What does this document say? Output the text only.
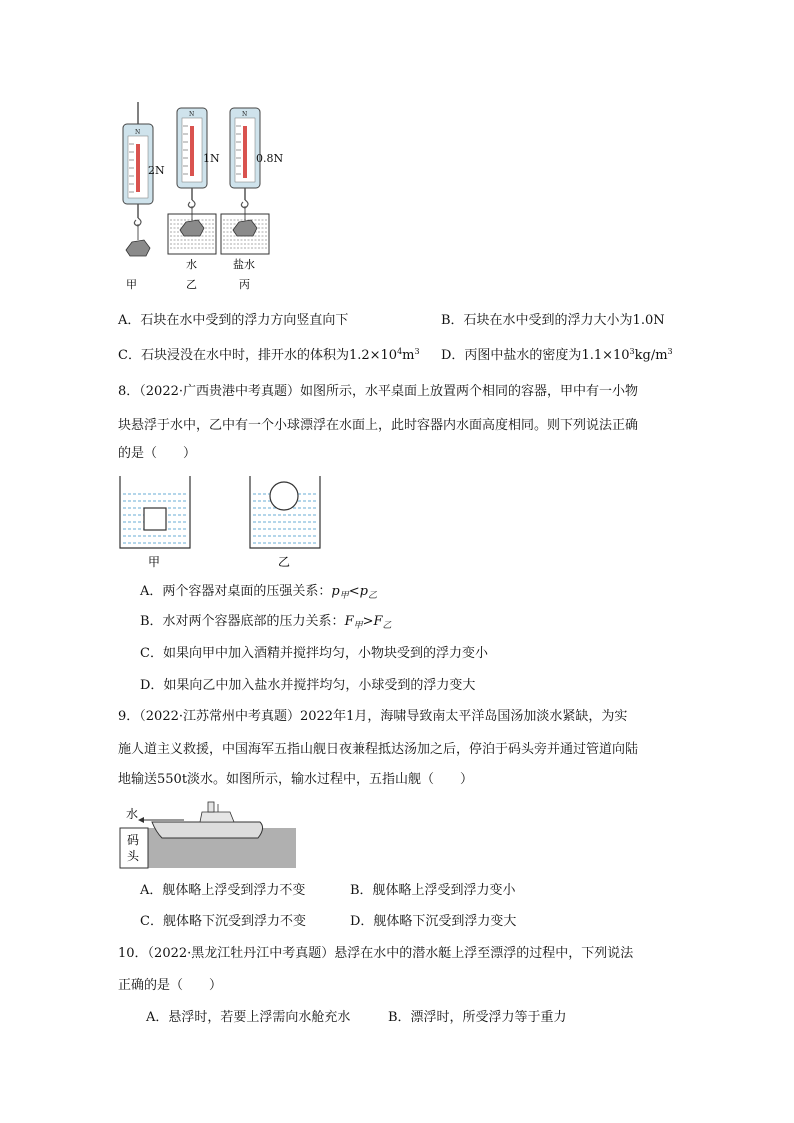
N
2N
N
1N
N
0.8N
水	盐水
甲	乙	丙
A．石块在水中受到的浮力方向竖直向下	B．石块在水中受到的浮力大小为1.0N
C．石块浸没在水中时，排开水的体积为$1.2\times 10^4m^3$ D．丙图中盐水的密度为$1.1\times 10^3kg/m^3$
8．（2022·广西贵港中考真题）如图所示，水平桌面上放置两个相同的容器，甲中有一小物
块悬浮于水中，乙中有一个小球漂浮在水面上，此时容器内水面高度相同。则下列说法正确
的是（　　）
甲	乙
A．两个容器对桌面的压强关系：$p_甲<p_乙$
B．水对两个容器底部的压力关系：$F_甲>F_乙$
C．如果向甲中加入酒精并搅拌均匀，小物块受到的浮力变小
D．如果向乙中加入盐水并搅拌均匀，小球受到的浮力变大
9．（2022·江苏常州中考真题）2022年1月，海啸导致南太平洋岛国汤加淡水紧缺，为实
施人道主义救援，中国海军五指山舰日夜兼程抵达汤加之后，停泊于码头旁并通过管道向陆
地输送550t淡水。如图所示，输水过程中，五指山舰（　　）
水
码
头
A．舰体略上浮受到浮力不变	B．舰体略上浮受到浮力变小
C．舰体略下沉受到浮力不变	D．舰体略下沉受到浮力变大
10．（2022·黑龙江牡丹江中考真题）悬浮在水中的潜水艇上浮至漂浮的过程中，下列说法
正确的是（　　）
A．悬浮时，若要上浮需向水舱充水	B．漂浮时，所受浮力等于重力
